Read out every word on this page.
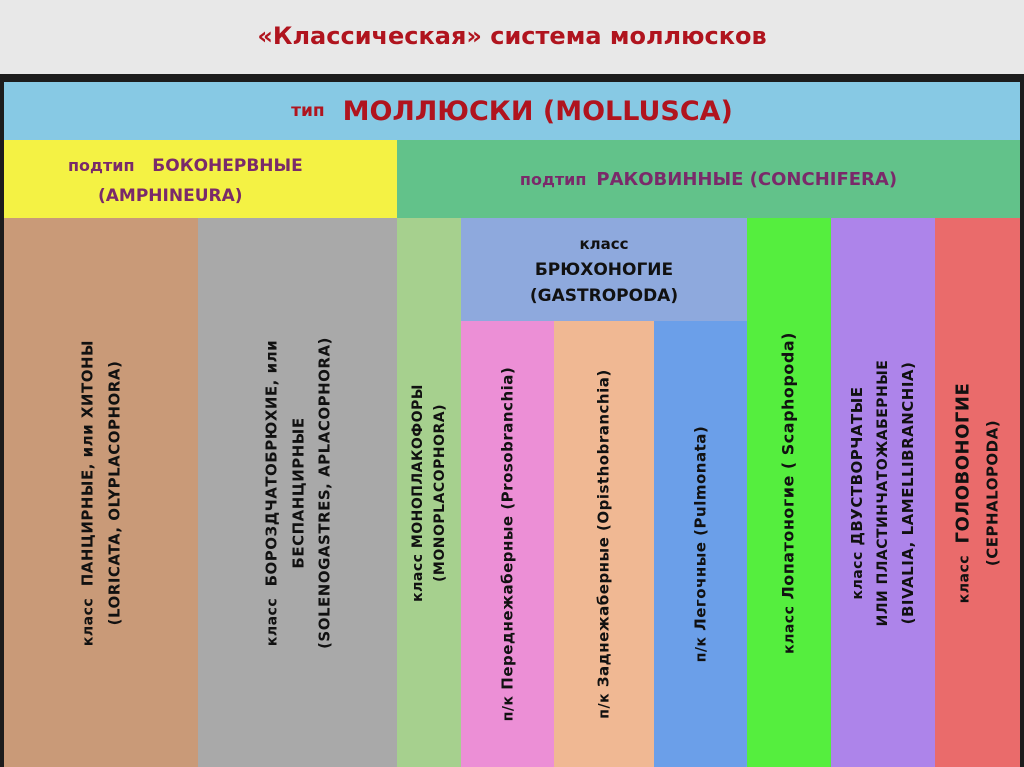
«Классическая» система моллюсков
тип МОЛЛЮСКИ (MOLLUSCA)
подтип БОКОНЕРВНЫЕ
(AMPHINEURA)
подтип РАКОВИННЫЕ (CONCHIFERA)
класс  ПАНЦИРНЫЕ, или ХИТОНЫ (LORICATA, OLYPLACOPHORA)	класс  БОРОЗДЧАТОБРЮХИЕ, или БЕСПАНЦИРНЫЕ (SOLENOGASTRES, APLACOPHORA)	класс МОНОПЛАКОФОРЫ (MONOPLACOPHORA)
класс
БРЮХОНОГИЕ
(GASTROPODA)
п/к Переднежаберные (Prosobranchia)
п/к Заднежаберные (Opisthobranchia)	п/к Легочные (Pulmonata)	класс Лопатоногие ( Scaphopoda)	класс ДВУСТВОРЧАТЫЕ ИЛИ ПЛАСТИНЧАТОЖАБЕРНЫЕ (BIVALIA, LAMELLIBRANCHIA)	класс  ГОЛОВОНОГИЕ (CEPHALOPODA)
